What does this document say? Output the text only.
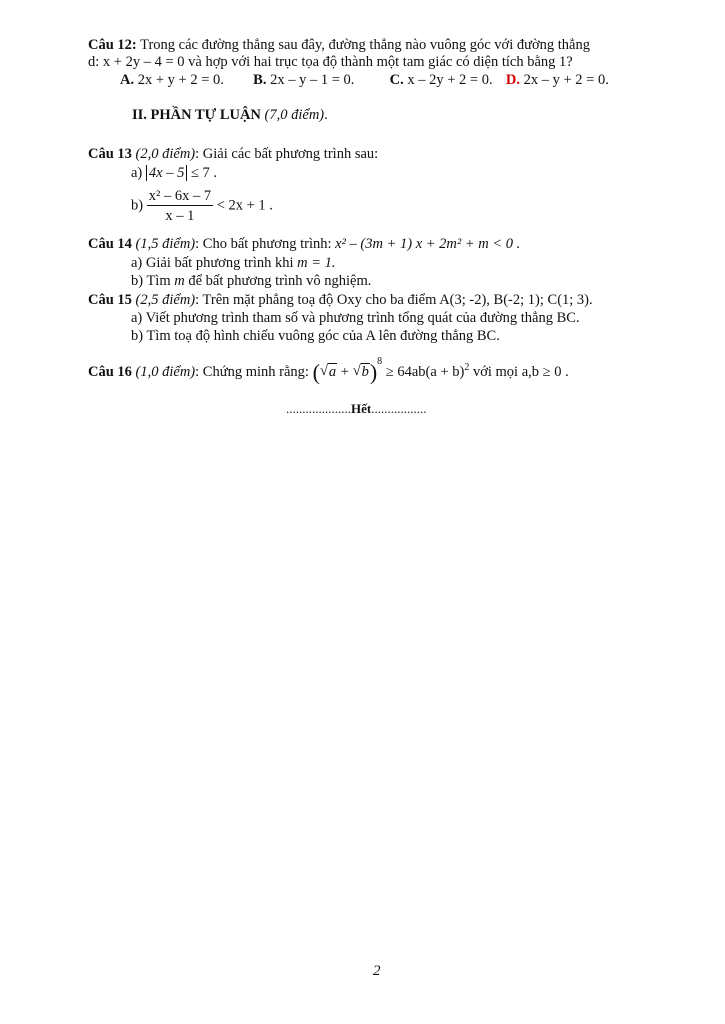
Câu 12: Trong các đường thẳng sau đây, đường thẳng nào vuông góc với đường thẳng
d: x + 2y – 4 = 0 và hợp với hai trục tọa độ thành một tam giác có diện tích bằng 1?
A. 2x + y + 2 = 0. B. 2x – y – 1 = 0. C. x – 2y + 2 = 0. D. 2x – y + 2 = 0.
II. PHẦN TỰ LUẬN (7,0 điểm).
Câu 13 (2,0 điểm): Giải các bất phương trình sau:
a) 4x – 5 ≤ 7 .
$b) \frac{\text{x² – 6x – 7}}{x - 1} < 2x + 1$ .
Câu 14 (1,5 điểm): Cho bất phương trình: x² – (3m + 1) x + 2m² + m < 0 .
a) Giải bất phương trình khi m = 1.
b) Tìm m để bất phương trình vô nghiệm.
Câu 15 (2,5 điểm): Trên mặt phẳng toạ độ Oxy cho ba điểm A(3; -2), B(-2; 1); C(1; 3).
a) Viết phương trình tham số và phương trình tổng quát của đường thẳng BC.
b) Tìm toạ độ hình chiếu vuông góc của A lên đường thẳng BC.
Câu 16 (1,0 điểm): Chứng minh rằng: ( √ a + √ $b)^8 \ge 64ab(a + b)^2$ với mọi a,b ≥ 0 .
....................Hết.................
2
